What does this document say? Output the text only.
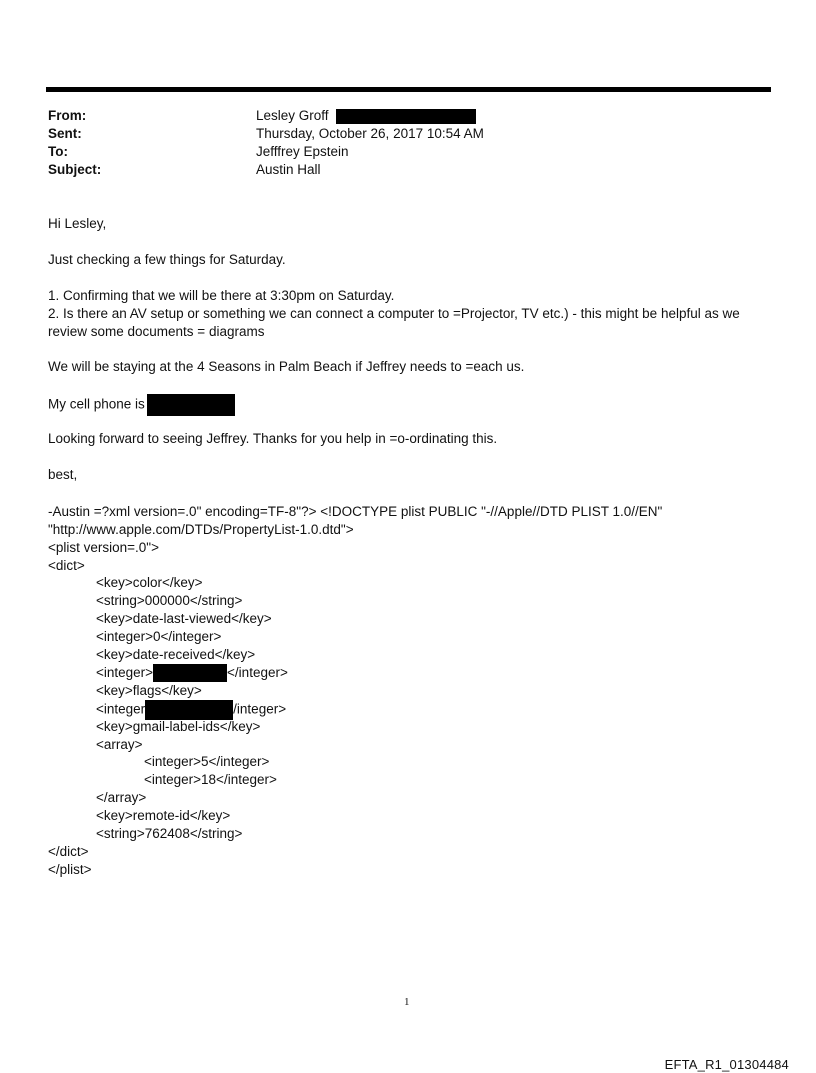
From:	Lesley Groff
Sent:	Thursday, October 26, 2017 10:54 AM
To:	Jefffrey Epstein
Subject:	Austin Hall
Hi Lesley,
Just checking a few things for Saturday.
1. Confirming that we will be there at 3:30pm on Saturday.
2. Is there an AV setup or something we can connect a computer to =Projector, TV etc.) - this might be helpful as we
review some documents = diagrams
We will be staying at the 4 Seasons in Palm Beach if Jeffrey needs to =each us.
My cell phone is
Looking forward to seeing Jeffrey. Thanks for you help in =o-ordinating this.
best,
-Austin =?xml version=.0" encoding=TF-8"?> <!DOCTYPE plist PUBLIC "-//Apple//DTD PLIST 1.0//EN"
"http://www.apple.com/DTDs/PropertyList-1.0.dtd">
<plist version=.0">
<dict>
<key>color</key>
<string>000000</string>
<key>date-last-viewed</key>
<integer>0</integer>
<key>date-received</key>
<integer>	</integer>
<key>flags</key>
<integer	/integer>
<key>gmail-label-ids</key>
<array>
<integer>5</integer>
<integer>18</integer>
</array>
<key>remote-id</key>
<string>762408</string>
</dict>
</plist>
1
EFTA_R1_01304484
